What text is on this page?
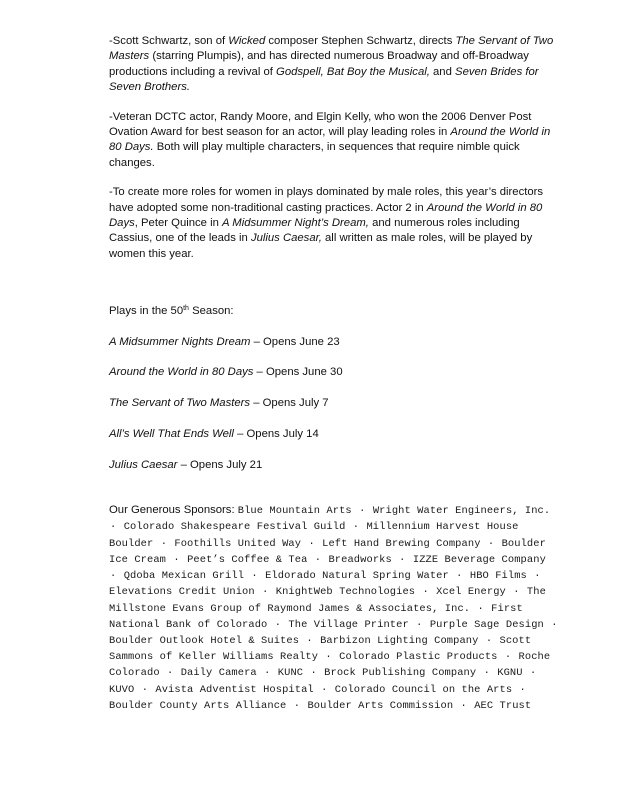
-Scott Schwartz, son of Wicked composer Stephen Schwartz, directs The Servant of Two Masters (starring Plumpis), and has directed numerous Broadway and off-Broadway productions including a revival of Godspell, Bat Boy the Musical, and Seven Brides for Seven Brothers.

-Veteran DCTC actor, Randy Moore, and Elgin Kelly, who won the 2006 Denver Post Ovation Award for best season for an actor, will play leading roles in Around the World in 80 Days. Both will play multiple characters, in sequences that require nimble quick changes.

-To create more roles for women in plays dominated by male roles, this year’s directors have adopted some non-traditional casting practices. Actor 2 in Around the World in 80 Days, Peter Quince in A Midsummer Night’s Dream, and numerous roles including Cassius, one of the leads in Julius Caesar, all written as male roles, will be played by women this year.

Plays in the 50th Season:
A Midsummer Nights Dream – Opens June 23
Around the World in 80 Days – Opens June 30
The Servant of Two Masters – Opens July 7
All’s Well That Ends Well – Opens July 14
Julius Caesar – Opens July 21
Our Generous Sponsors: Blue Mountain Arts · Wright Water Engineers, Inc. · Colorado Shakespeare Festival Guild · Millennium Harvest House Boulder · Foothills United Way · Left Hand Brewing Company · Boulder Ice Cream · Peet’s Coffee & Tea · Breadworks · IZZE Beverage Company · Qdoba Mexican Grill · Eldorado Natural Spring Water · HBO Films · Elevations Credit Union · KnightWeb Technologies · Xcel Energy · The Millstone Evans Group of Raymond James & Associates, Inc. · First National Bank of Colorado · The Village Printer · Purple Sage Design · Boulder Outlook Hotel & Suites · Barbizon Lighting Company · Scott Sammons of Keller Williams Realty · Colorado Plastic Products · Roche Colorado · Daily Camera · KUNC · Brock Publishing Company · KGNU · KUVO · Avista Adventist Hospital · Colorado Council on the Arts · Boulder County Arts Alliance · Boulder Arts Commission · AEC Trust
